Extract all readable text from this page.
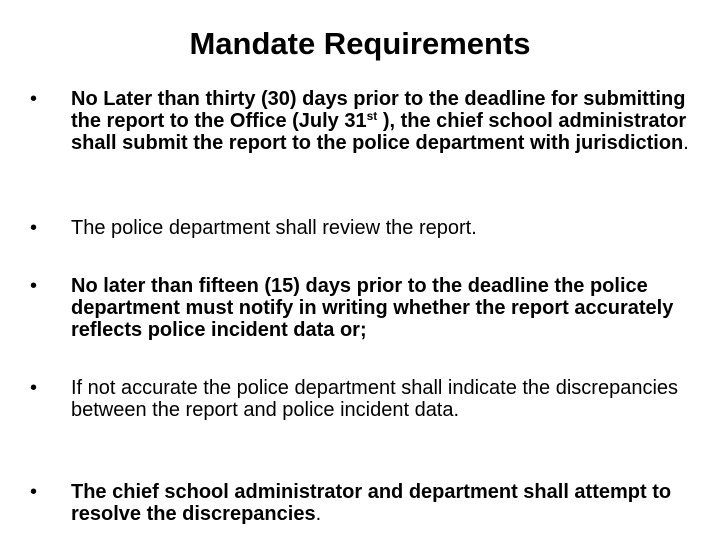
Mandate Requirements
•	No Later than thirty (30) days prior to the deadline for submitting the report to the Office (July 31st ), the chief school administrator shall submit the report to the police department with jurisdiction.
•	The police department shall review the report.
•	No later than fifteen (15) days prior to the deadline the police department must notify in writing whether the report accurately reflects police incident data or;
•	If not accurate the police department shall indicate the discrepancies between the report and police incident data.
•	The chief school administrator and department shall attempt to resolve the discrepancies.
